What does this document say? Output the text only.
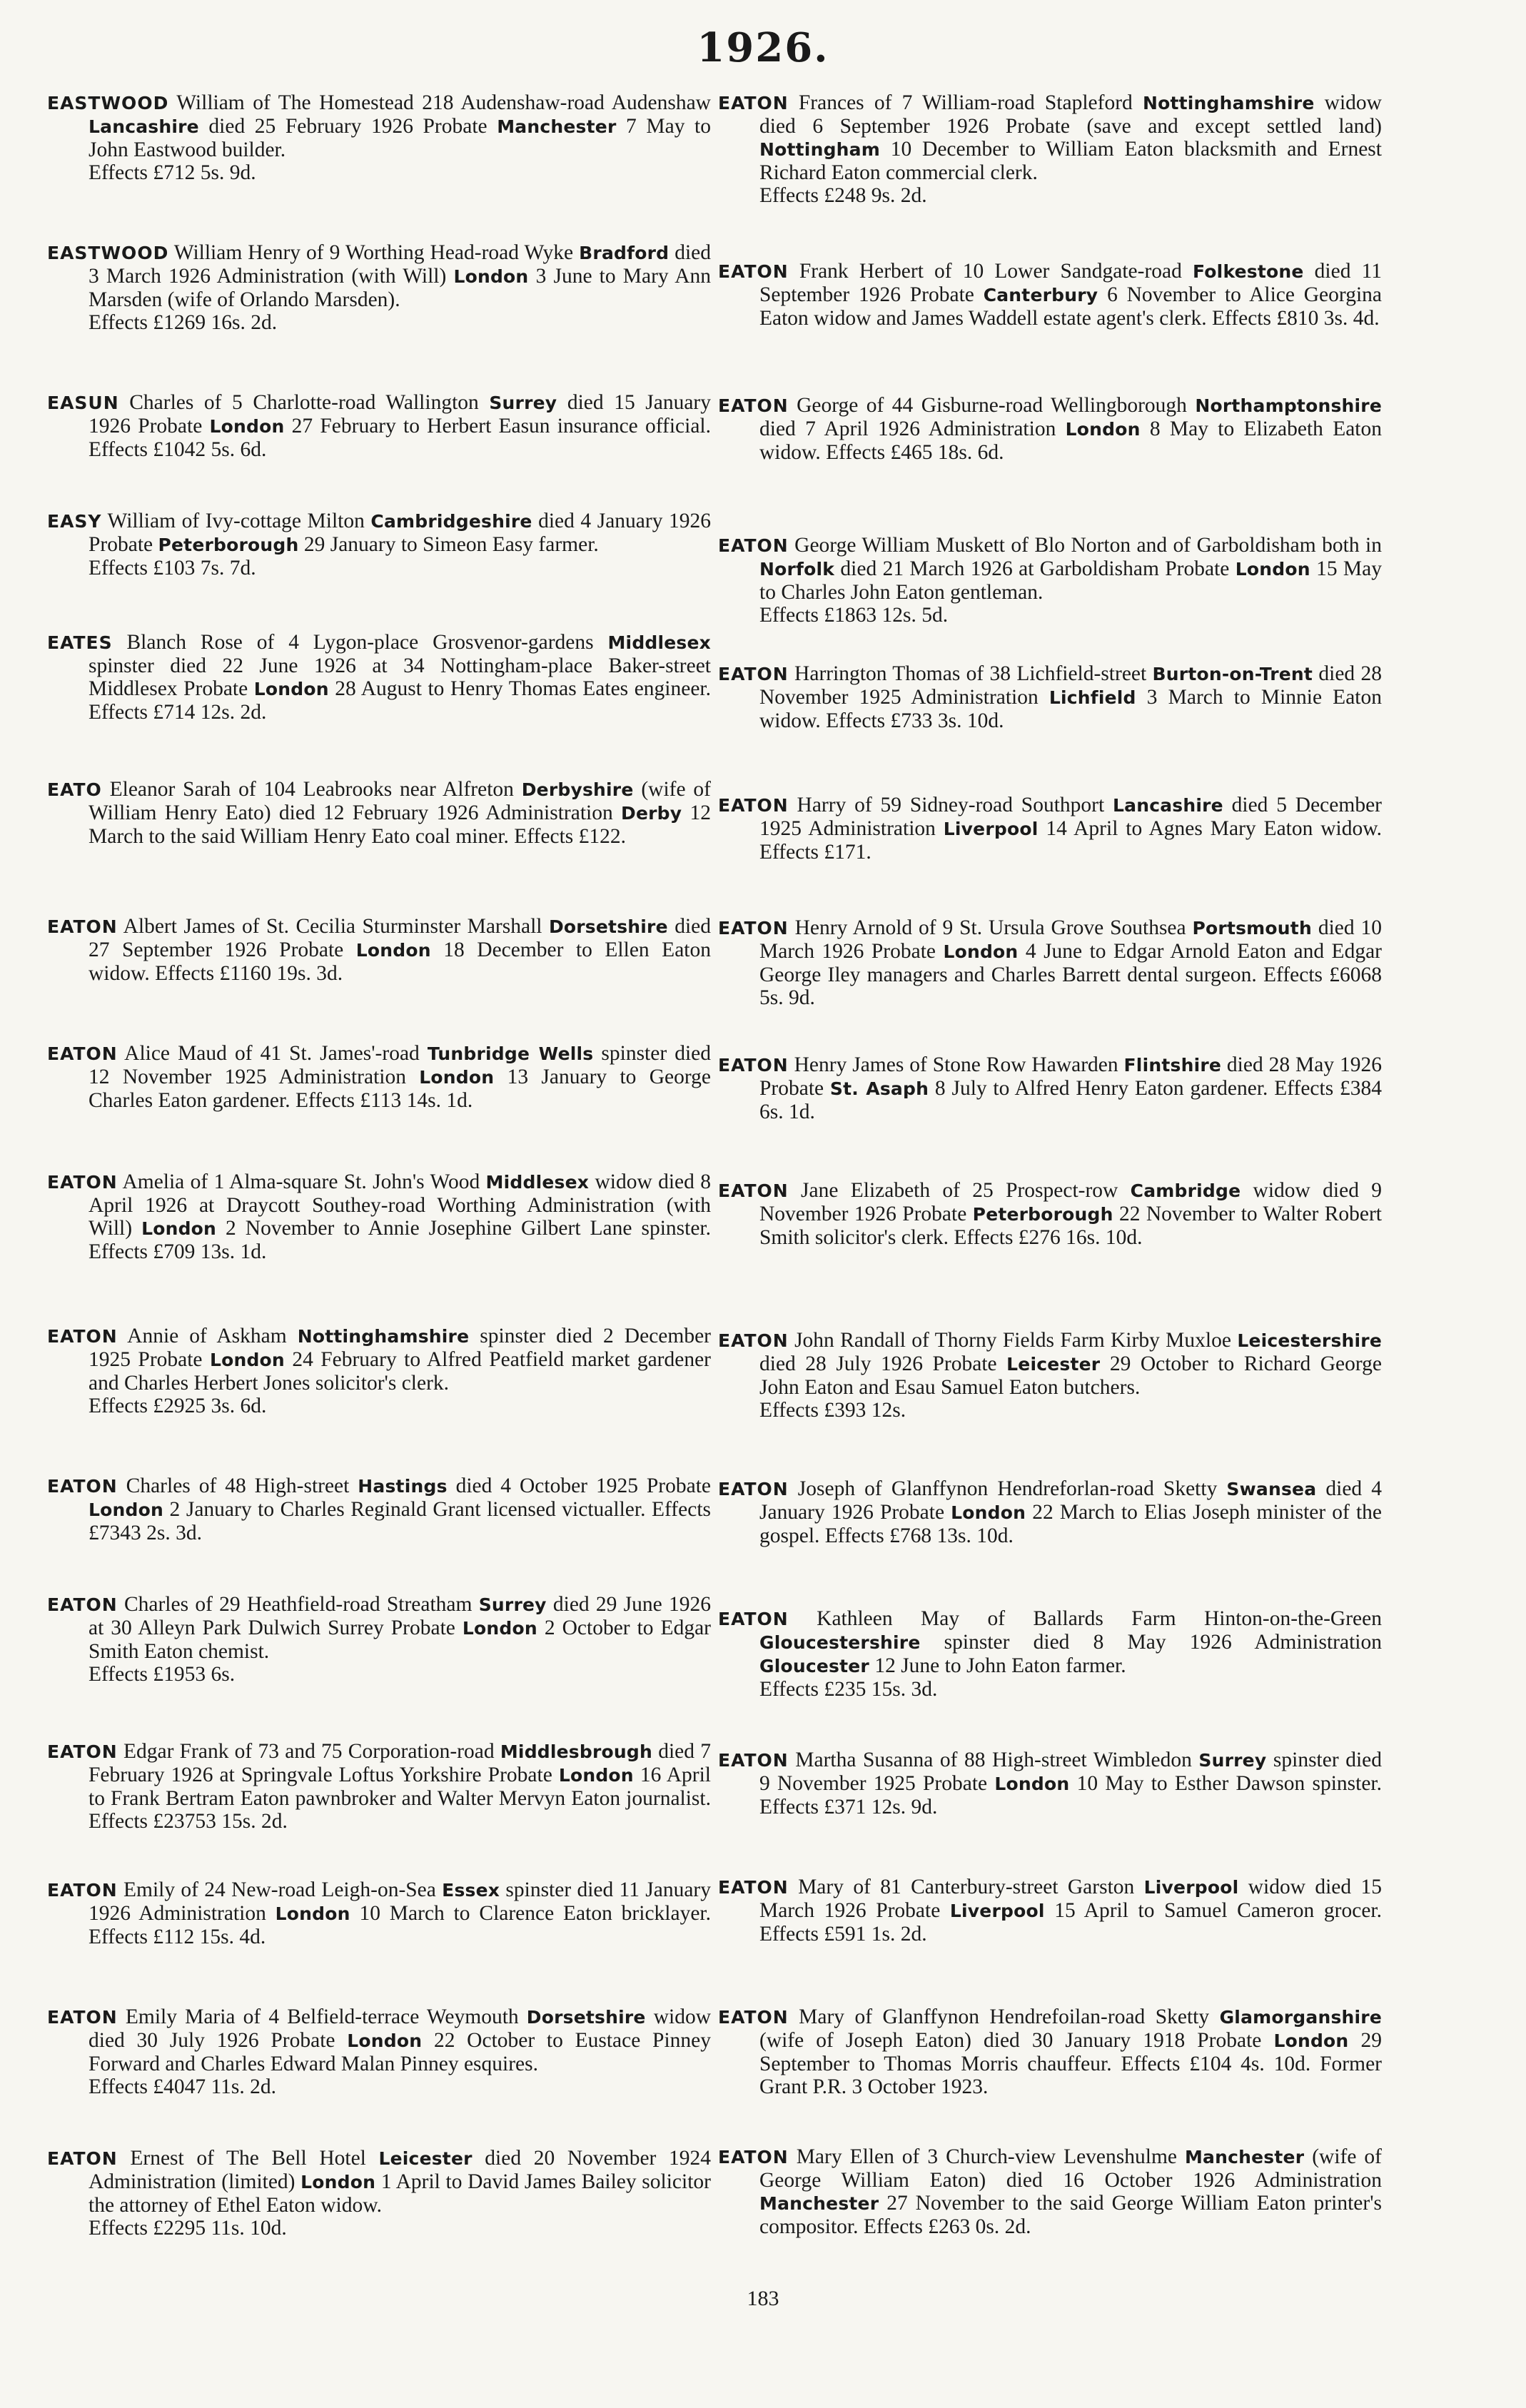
1926.
EASTWOOD William of The Homestead 218 Audenshaw-road Audenshaw Lancashire died 25 February 1926 Probate Manchester 7 May to John Eastwood builder.
Effects £712 5s. 9d.
EASTWOOD William Henry of 9 Worthing Head-road Wyke Bradford died 3 March 1926 Administration (with Will) London 3 June to Mary Ann Marsden (wife of Orlando Marsden).
Effects £1269 16s. 2d.
EASUN Charles of 5 Charlotte-road Wallington Surrey died 15 January 1926 Probate London 27 February to Herbert Easun insurance official. Effects £1042 5s. 6d.
EASY William of Ivy-cottage Milton Cambridgeshire died 4 January 1926 Probate Peterborough 29 January to Simeon Easy farmer.
Effects £103 7s. 7d.
EATES Blanch Rose of 4 Lygon-place Grosvenor-gardens Middlesex spinster died 22 June 1926 at 34 Nottingham-place Baker-street Middlesex Probate London 28 August to Henry Thomas Eates engineer. Effects £714 12s. 2d.
EATO Eleanor Sarah of 104 Leabrooks near Alfreton Derbyshire (wife of William Henry Eato) died 12 February 1926 Administration Derby 12 March to the said William Henry Eato coal miner. Effects £122.
EATON Albert James of St. Cecilia Sturminster Marshall Dorsetshire died 27 September 1926 Probate London 18 December to Ellen Eaton widow. Effects £1160 19s. 3d.
EATON Alice Maud of 41 St. James'-road Tunbridge Wells spinster died 12 November 1925 Administration London 13 January to George Charles Eaton gardener. Effects £113 14s. 1d.
EATON Amelia of 1 Alma-square St. John's Wood Middlesex widow died 8 April 1926 at Draycott Southey-road Worthing Administration (with Will) London 2 November to Annie Josephine Gilbert Lane spinster. Effects £709 13s. 1d.
EATON Annie of Askham Nottinghamshire spinster died 2 December 1925 Probate London 24 February to Alfred Peatfield market gardener and Charles Herbert Jones solicitor's clerk.
Effects £2925 3s. 6d.
EATON Charles of 48 High-street Hastings died 4 October 1925 Probate London 2 January to Charles Reginald Grant licensed victualler. Effects £7343 2s. 3d.
EATON Charles of 29 Heathfield-road Streatham Surrey died 29 June 1926 at 30 Alleyn Park Dulwich Surrey Probate London 2 October to Edgar Smith Eaton chemist.
Effects £1953 6s.
EATON Edgar Frank of 73 and 75 Corporation-road Middlesbrough died 7 February 1926 at Springvale Loftus Yorkshire Probate London 16 April to Frank Bertram Eaton pawnbroker and Walter Mervyn Eaton journalist. Effects £23753 15s. 2d.
EATON Emily of 24 New-road Leigh-on-Sea Essex spinster died 11 January 1926 Administration London 10 March to Clarence Eaton bricklayer. Effects £112 15s. 4d.
EATON Emily Maria of 4 Belfield-terrace Weymouth Dorsetshire widow died 30 July 1926 Probate London 22 October to Eustace Pinney Forward and Charles Edward Malan Pinney esquires.
Effects £4047 11s. 2d.
EATON Ernest of The Bell Hotel Leicester died 20 November 1924 Administration (limited) London 1 April to David James Bailey solicitor the attorney of Ethel Eaton widow.
Effects £2295 11s. 10d.
EATON Frances of 7 William-road Stapleford Nottinghamshire widow died 6 September 1926 Probate (save and except settled land) Nottingham 10 December to William Eaton blacksmith and Ernest Richard Eaton commercial clerk.
Effects £248 9s. 2d.
EATON Frank Herbert of 10 Lower Sandgate-road Folkestone died 11 September 1926 Probate Canterbury 6 November to Alice Georgina Eaton widow and James Waddell estate agent's clerk. Effects £810 3s. 4d.
EATON George of 44 Gisburne-road Wellingborough Northamptonshire died 7 April 1926 Administration London 8 May to Elizabeth Eaton widow. Effects £465 18s. 6d.
EATON George William Muskett of Blo Norton and of Garboldisham both in Norfolk died 21 March 1926 at Garboldisham Probate London 15 May to Charles John Eaton gentleman.
Effects £1863 12s. 5d.
EATON Harrington Thomas of 38 Lichfield-street Burton-on-Trent died 28 November 1925 Administration Lichfield 3 March to Minnie Eaton widow. Effects £733 3s. 10d.
EATON Harry of 59 Sidney-road Southport Lancashire died 5 December 1925 Administration Liverpool 14 April to Agnes Mary Eaton widow. Effects £171.
EATON Henry Arnold of 9 St. Ursula Grove Southsea Portsmouth died 10 March 1926 Probate London 4 June to Edgar Arnold Eaton and Edgar George Iley managers and Charles Barrett dental surgeon. Effects £6068 5s. 9d.
EATON Henry James of Stone Row Hawarden Flintshire died 28 May 1926 Probate St. Asaph 8 July to Alfred Henry Eaton gardener. Effects £384 6s. 1d.
EATON Jane Elizabeth of 25 Prospect-row Cambridge widow died 9 November 1926 Probate Peterborough 22 November to Walter Robert Smith solicitor's clerk. Effects £276 16s. 10d.
EATON John Randall of Thorny Fields Farm Kirby Muxloe Leicestershire died 28 July 1926 Probate Leicester 29 October to Richard George John Eaton and Esau Samuel Eaton butchers.
Effects £393 12s.
EATON Joseph of Glanffynon Hendreforlan-road Sketty Swansea died 4 January 1926 Probate London 22 March to Elias Joseph minister of the gospel. Effects £768 13s. 10d.
EATON Kathleen May of Ballards Farm Hinton-on-the-Green Gloucestershire spinster died 8 May 1926 Administration Gloucester 12 June to John Eaton farmer.
Effects £235 15s. 3d.
EATON Martha Susanna of 88 High-street Wimbledon Surrey spinster died 9 November 1925 Probate London 10 May to Esther Dawson spinster. Effects £371 12s. 9d.
EATON Mary of 81 Canterbury-street Garston Liverpool widow died 15 March 1926 Probate Liverpool 15 April to Samuel Cameron grocer. Effects £591 1s. 2d.
EATON Mary of Glanffynon Hendrefoilan-road Sketty Glamorganshire (wife of Joseph Eaton) died 30 January 1918 Probate London 29 September to Thomas Morris chauffeur. Effects £104 4s. 10d. Former Grant P.R. 3 October 1923.
EATON Mary Ellen of 3 Church-view Levenshulme Manchester (wife of George William Eaton) died 16 October 1926 Administration Manchester 27 November to the said George William Eaton printer's compositor. Effects £263 0s. 2d.
183
